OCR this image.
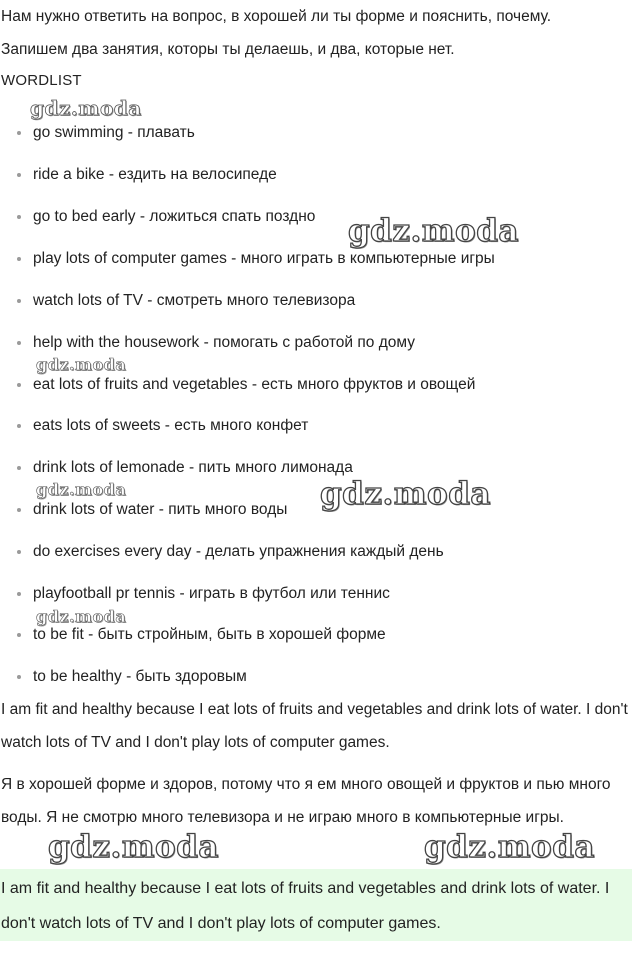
Нам нужно ответить на вопрос, в хорошей ли ты форме и пояснить, почему.
Запишем два занятия, которы ты делаешь, и два, которые нет.
WORDLIST
go swimming - плавать
ride a bike - ездить на велосипеде
go to bed early - ложиться спать поздно
play lots of computer games - много играть в компьютерные игры
watch lots of TV - смотреть много телевизора
help with the housework - помогать с работой по дому
eat lots of fruits and vegetables - есть много фруктов и овощей
eats lots of sweets - есть много конфет
drink lots of lemonade - пить много лимонада
drink lots of water - пить много воды
do exercises every day - делать упражнения каждый день
playfootball pr tennis - играть в футбол или теннис
to be fit - быть стройным, быть в хорошей форме
to be healthy - быть здоровым
I am fit and healthy because I eat lots of fruits and vegetables and drink lots of water. I don't watch lots of TV and I don't play lots of computer games.
Я в хорошей форме и здоров, потому что я ем много овощей и фруктов и пью много воды. Я не смотрю много телевизора и не играю много в компьютерные игры.
I am fit and healthy because I eat lots of fruits and vegetables and drink lots of water. I don't watch lots of TV and I don't play lots of computer games.
gdz.moda
gdz.moda
gdz.moda
gdz.moda	gdz.moda
gdz.moda
gdz.moda	gdz.moda
